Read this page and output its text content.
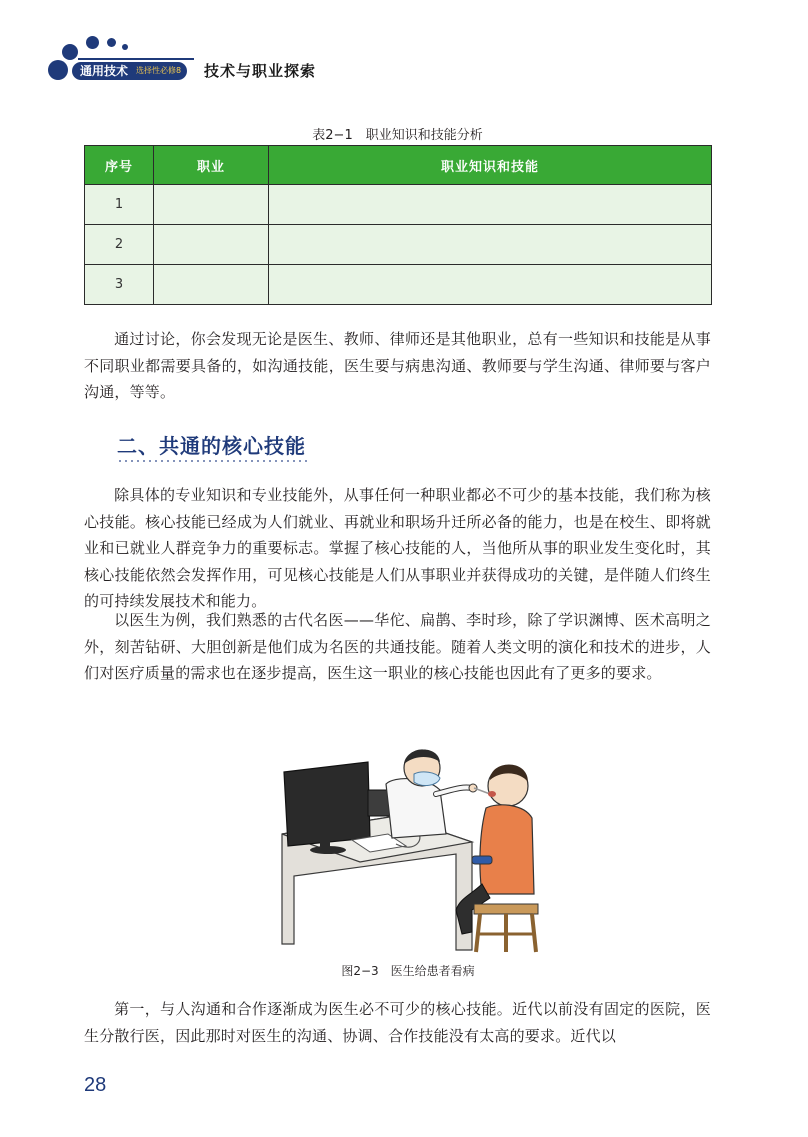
通用技术	选择性必修8	技术与职业探索
表2−1　职业知识和技能分析
序号	职业	职业知识和技能
1		
2		
3		

通过讨论，你会发现无论是医生、教师、律师还是其他职业，总有一些知识和技能是从事不同职业都需要具备的，如沟通技能，医生要与病患沟通、教师要与学生沟通、律师要与客户沟通，等等。

二、共通的核心技能

除具体的专业知识和专业技能外，从事任何一种职业都必不可少的基本技能，我们称为核心技能。核心技能已经成为人们就业、再就业和职场升迁所必备的能力，也是在校生、即将就业和已就业人群竞争力的重要标志。掌握了核心技能的人，当他所从事的职业发生变化时，其核心技能依然会发挥作用，可见核心技能是人们从事职业并获得成功的关键，是伴随人们终生的可持续发展技术和能力。

以医生为例，我们熟悉的古代名医——华佗、扁鹊、李时珍，除了学识渊博、医术高明之外，刻苦钻研、大胆创新是他们成为名医的共通技能。随着人类文明的演化和技术的进步，人们对医疗质量的需求也在逐步提高，医生这一职业的核心技能也因此有了更多的要求。

图2−3　医生给患者看病

第一，与人沟通和合作逐渐成为医生必不可少的核心技能。近代以前没有固定的医院，医生分散行医，因此那时对医生的沟通、协调、合作技能没有太高的要求。近代以

28
